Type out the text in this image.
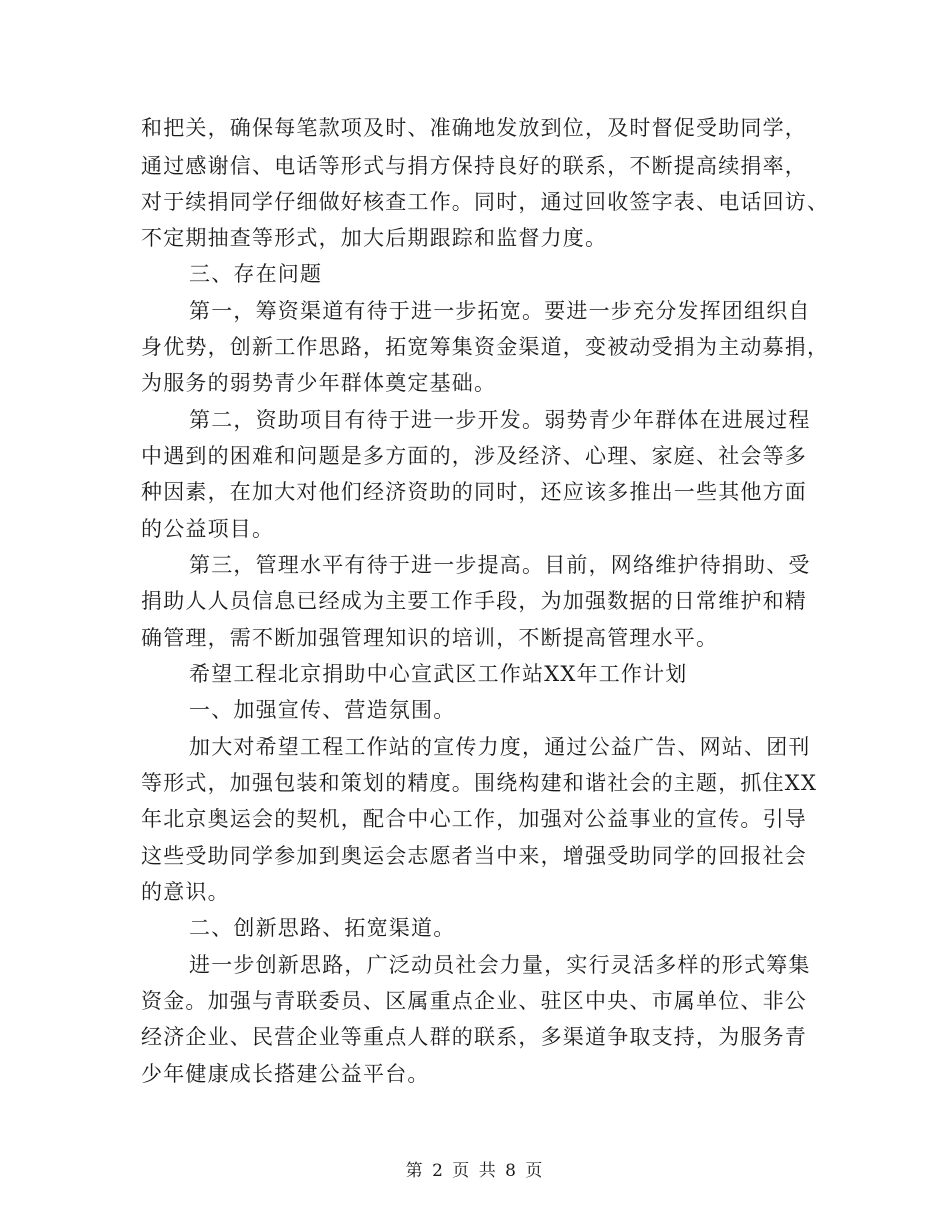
和把关，确保每笔款项及时、准确地发放到位，及时督促受助同学，
通过感谢信、电话等形式与捐方保持良好的联系，不断提高续捐率，
对于续捐同学仔细做好核查工作。同时，通过回收签字表、电话回访、
不定期抽查等形式，加大后期跟踪和监督力度。
三、存在问题
第一，筹资渠道有待于进一步拓宽。要进一步充分发挥团组织自
身优势，创新工作思路，拓宽筹集资金渠道，变被动受捐为主动募捐，
为服务的弱势青少年群体奠定基础。
第二，资助项目有待于进一步开发。弱势青少年群体在进展过程
中遇到的困难和问题是多方面的，涉及经济、心理、家庭、社会等多
种因素，在加大对他们经济资助的同时，还应该多推出一些其他方面
的公益项目。
第三，管理水平有待于进一步提高。目前，网络维护待捐助、受
捐助人人员信息已经成为主要工作手段，为加强数据的日常维护和精
确管理，需不断加强管理知识的培训，不断提高管理水平。
希望工程北京捐助中心宣武区工作站XX年工作计划
一、加强宣传、营造氛围。
加大对希望工程工作站的宣传力度，通过公益广告、网站、团刊
等形式，加强包装和策划的精度。围绕构建和谐社会的主题，抓住XX
年北京奥运会的契机，配合中心工作，加强对公益事业的宣传。引导
这些受助同学参加到奥运会志愿者当中来，增强受助同学的回报社会
的意识。
二、创新思路、拓宽渠道。
进一步创新思路，广泛动员社会力量，实行灵活多样的形式筹集
资金。加强与青联委员、区属重点企业、驻区中央、市属单位、非公
经济企业、民营企业等重点人群的联系，多渠道争取支持，为服务青
少年健康成长搭建公益平台。
第 2 页 共 8 页
